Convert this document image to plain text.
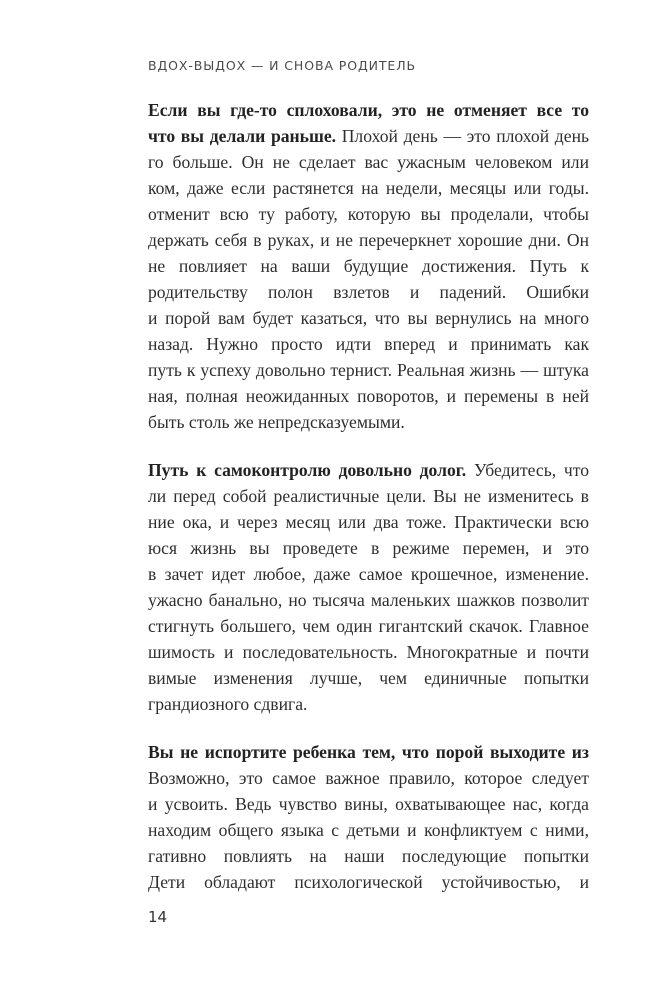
ВДОХ-ВЫДОХ — И СНОВА РОДИТЕЛЬ
Если вы где-то сплоховали, это не отменяет все то
что вы делали раньше. Плохой день — это плохой день
го больше. Он не сделает вас ужасным человеком или
ком, даже если растянется на недели, месяцы или годы.
отменит всю ту работу, которую вы проделали, чтобы
держать себя в руках, и не перечеркнет хорошие дни. Он
не повлияет на ваши будущие достижения. Путь к
родительству полон взлетов и падений. Ошибки
и порой вам будет казаться, что вы вернулись на много
назад. Нужно просто идти вперед и принимать как
путь к успеху довольно тернист. Реальная жизнь — штука
ная, полная неожиданных поворотов, и перемены в ней
быть столь же непредсказуемыми.
Путь к самоконтролю довольно долог. Убедитесь, что
ли перед собой реалистичные цели. Вы не изменитесь в
ние ока, и через месяц или два тоже. Практически всю
юся жизнь вы проведете в режиме перемен, и это
в зачет идет любое, даже самое крошечное, изменение.
ужасно банально, но тысяча маленьких шажков позволит
стигнуть большего, чем один гигантский скачок. Главное
шимость и последовательность. Многократные и почти
вимые изменения лучше, чем единичные попытки
грандиозного сдвига.
Вы не испортите ребенка тем, что порой выходите из
Возможно, это самое важное правило, которое следует
и усвоить. Ведь чувство вины, охватывающее нас, когда
находим общего языка с детьми и конфликтуем с ними,
гативно повлиять на наши последующие попытки
Дети обладают психологической устойчивостью, и
14
